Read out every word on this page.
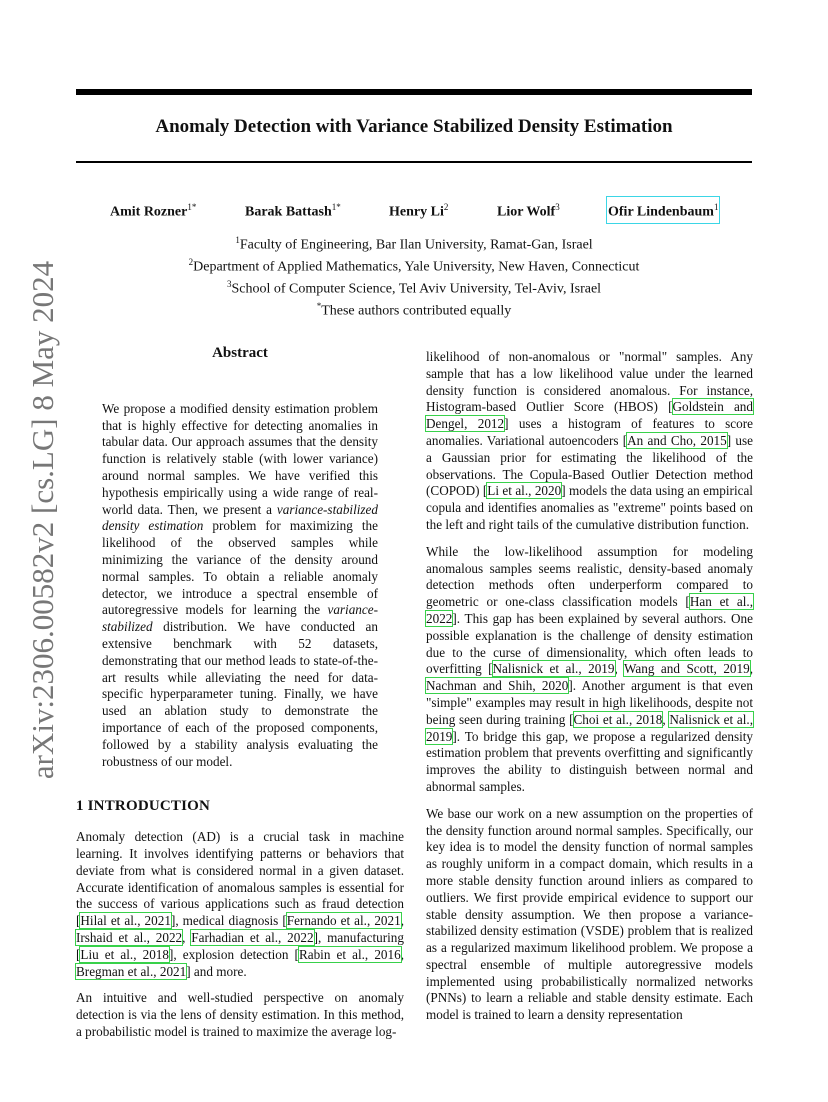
arXiv:2306.00582v2 [cs.LG] 8 May 2024
Anomaly Detection with Variance Stabilized Density Estimation
Amit Rozner$^{1*}$	Barak Battash$^{1*}$	Henry Li$^2$	Lior Wolf$^3$	Ofir Lindenbaum$^1$
$^1$Faculty of Engineering, Bar Ilan University, Ramat-Gan, Israel
$^2$Department of Applied Mathematics, Yale University, New Haven, Connecticut
$^3$School of Computer Science, Tel Aviv University, Tel-Aviv, Israel
*These authors contributed equally
Abstract
We propose a modified density estimation problem that is highly effective for detecting anomalies in tabular data. Our approach assumes that the density function is relatively stable (with lower variance) around normal samples. We have verified this hypothesis empirically using a wide range of real-world data. Then, we present a variance-stabilized density estimation problem for maximizing the likelihood of the observed samples while minimizing the variance of the density around normal samples. To obtain a reliable anomaly detector, we introduce a spectral ensemble of autoregressive models for learning the variance-stabilized distribution. We have conducted an extensive benchmark with 52 datasets, demonstrating that our method leads to state-of-the-art results while alleviating the need for data-specific hyperparameter tuning. Finally, we have used an ablation study to demonstrate the importance of each of the proposed components, followed by a stability analysis evaluating the robustness of our model.
1 INTRODUCTION

Anomaly detection (AD) is a crucial task in machine learning. It involves identifying patterns or behaviors that deviate from what is considered normal in a given dataset. Accurate identification of anomalous samples is essential for the success of various applications such as fraud detection [Hilal et al., 2021], medical diagnosis [Fernando et al., 2021, Irshaid et al., 2022, Farhadian et al., 2022], manufacturing [Liu et al., 2018], explosion detection [Rabin et al., 2016, Bregman et al., 2021] and more.

An intuitive and well-studied perspective on anomaly detection is via the lens of density estimation. In this method, a probabilistic model is trained to maximize the average log-

likelihood of non-anomalous or "normal" samples. Any sample that has a low likelihood value under the learned density function is considered anomalous. For instance, Histogram-based Outlier Score (HBOS) [Goldstein and Dengel, 2012] uses a histogram of features to score anomalies. Variational autoencoders [An and Cho, 2015] use a Gaussian prior for estimating the likelihood of the observations. The Copula-Based Outlier Detection method (COPOD) [Li et al., 2020] models the data using an empirical copula and identifies anomalies as "extreme" points based on the left and right tails of the cumulative distribution function.

While the low-likelihood assumption for modeling anomalous samples seems realistic, density-based anomaly detection methods often underperform compared to geometric or one-class classification models [Han et al., 2022]. This gap has been explained by several authors. One possible explanation is the challenge of density estimation due to the curse of dimensionality, which often leads to overfitting [Nalisnick et al., 2019, Wang and Scott, 2019, Nachman and Shih, 2020]. Another argument is that even "simple" examples may result in high likelihoods, despite not being seen during training [Choi et al., 2018, Nalisnick et al., 2019]. To bridge this gap, we propose a regularized density estimation problem that prevents overfitting and significantly improves the ability to distinguish between normal and abnormal samples.

We base our work on a new assumption on the properties of the density function around normal samples. Specifically, our key idea is to model the density function of normal samples as roughly uniform in a compact domain, which results in a more stable density function around inliers as compared to outliers. We first provide empirical evidence to support our stable density assumption. We then propose a variance-stabilized density estimation (VSDE) problem that is realized as a regularized maximum likelihood problem. We propose a spectral ensemble of multiple autoregressive models implemented using probabilistically normalized networks (PNNs) to learn a reliable and stable density estimate. Each model is trained to learn a density representation
